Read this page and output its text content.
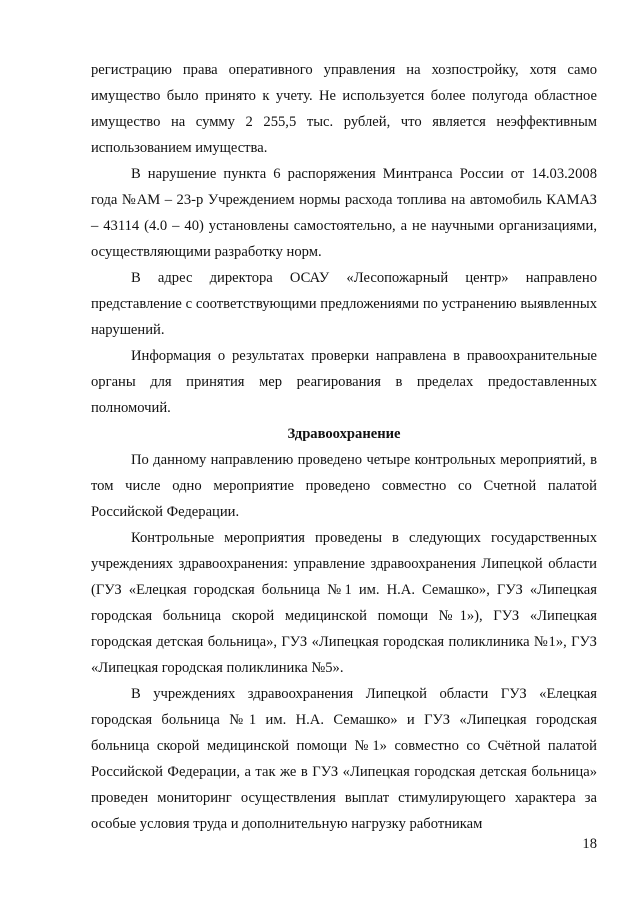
регистрацию права оперативного управления на хозпостройку, хотя само имущество было принято к учету. Не используется более полугода областное имущество на сумму 2 255,5 тыс. рублей, что является неэффективным использованием имущества.

В нарушение пункта 6 распоряжения Минтранса России от 14.03.2008 года №АМ – 23-р Учреждением нормы расхода топлива на автомобиль КАМАЗ – 43114 (4.0 – 40) установлены самостоятельно, а не научными организациями, осуществляющими разработку норм.

В адрес директора ОСАУ «Лесопожарный центр» направлено представление с соответствующими предложениями по устранению выявленных нарушений.

Информация о результатах проверки направлена в правоохранительные органы для принятия мер реагирования в пределах предоставленных полномочий.

Здравоохранение

По данному направлению проведено четыре контрольных мероприятий, в том числе одно мероприятие проведено совместно со Счетной палатой Российской Федерации.

Контрольные мероприятия проведены в следующих государственных учреждениях здравоохранения: управление здравоохранения Липецкой области (ГУЗ «Елецкая городская больница №1 им. Н.А. Семашко», ГУЗ «Липецкая городская больница скорой медицинской помощи №1»), ГУЗ «Липецкая городская детская больница», ГУЗ «Липецкая городская поликлиника №1», ГУЗ «Липецкая городская поликлиника №5».

В учреждениях здравоохранения Липецкой области ГУЗ «Елецкая городская больница №1 им. Н.А. Семашко» и ГУЗ «Липецкая городская больница скорой медицинской помощи №1» совместно со Счётной палатой Российской Федерации, а так же в ГУЗ «Липецкая городская детская больница» проведен мониторинг осуществления выплат стимулирующего характера за особые условия труда и дополнительную нагрузку работникам

18
